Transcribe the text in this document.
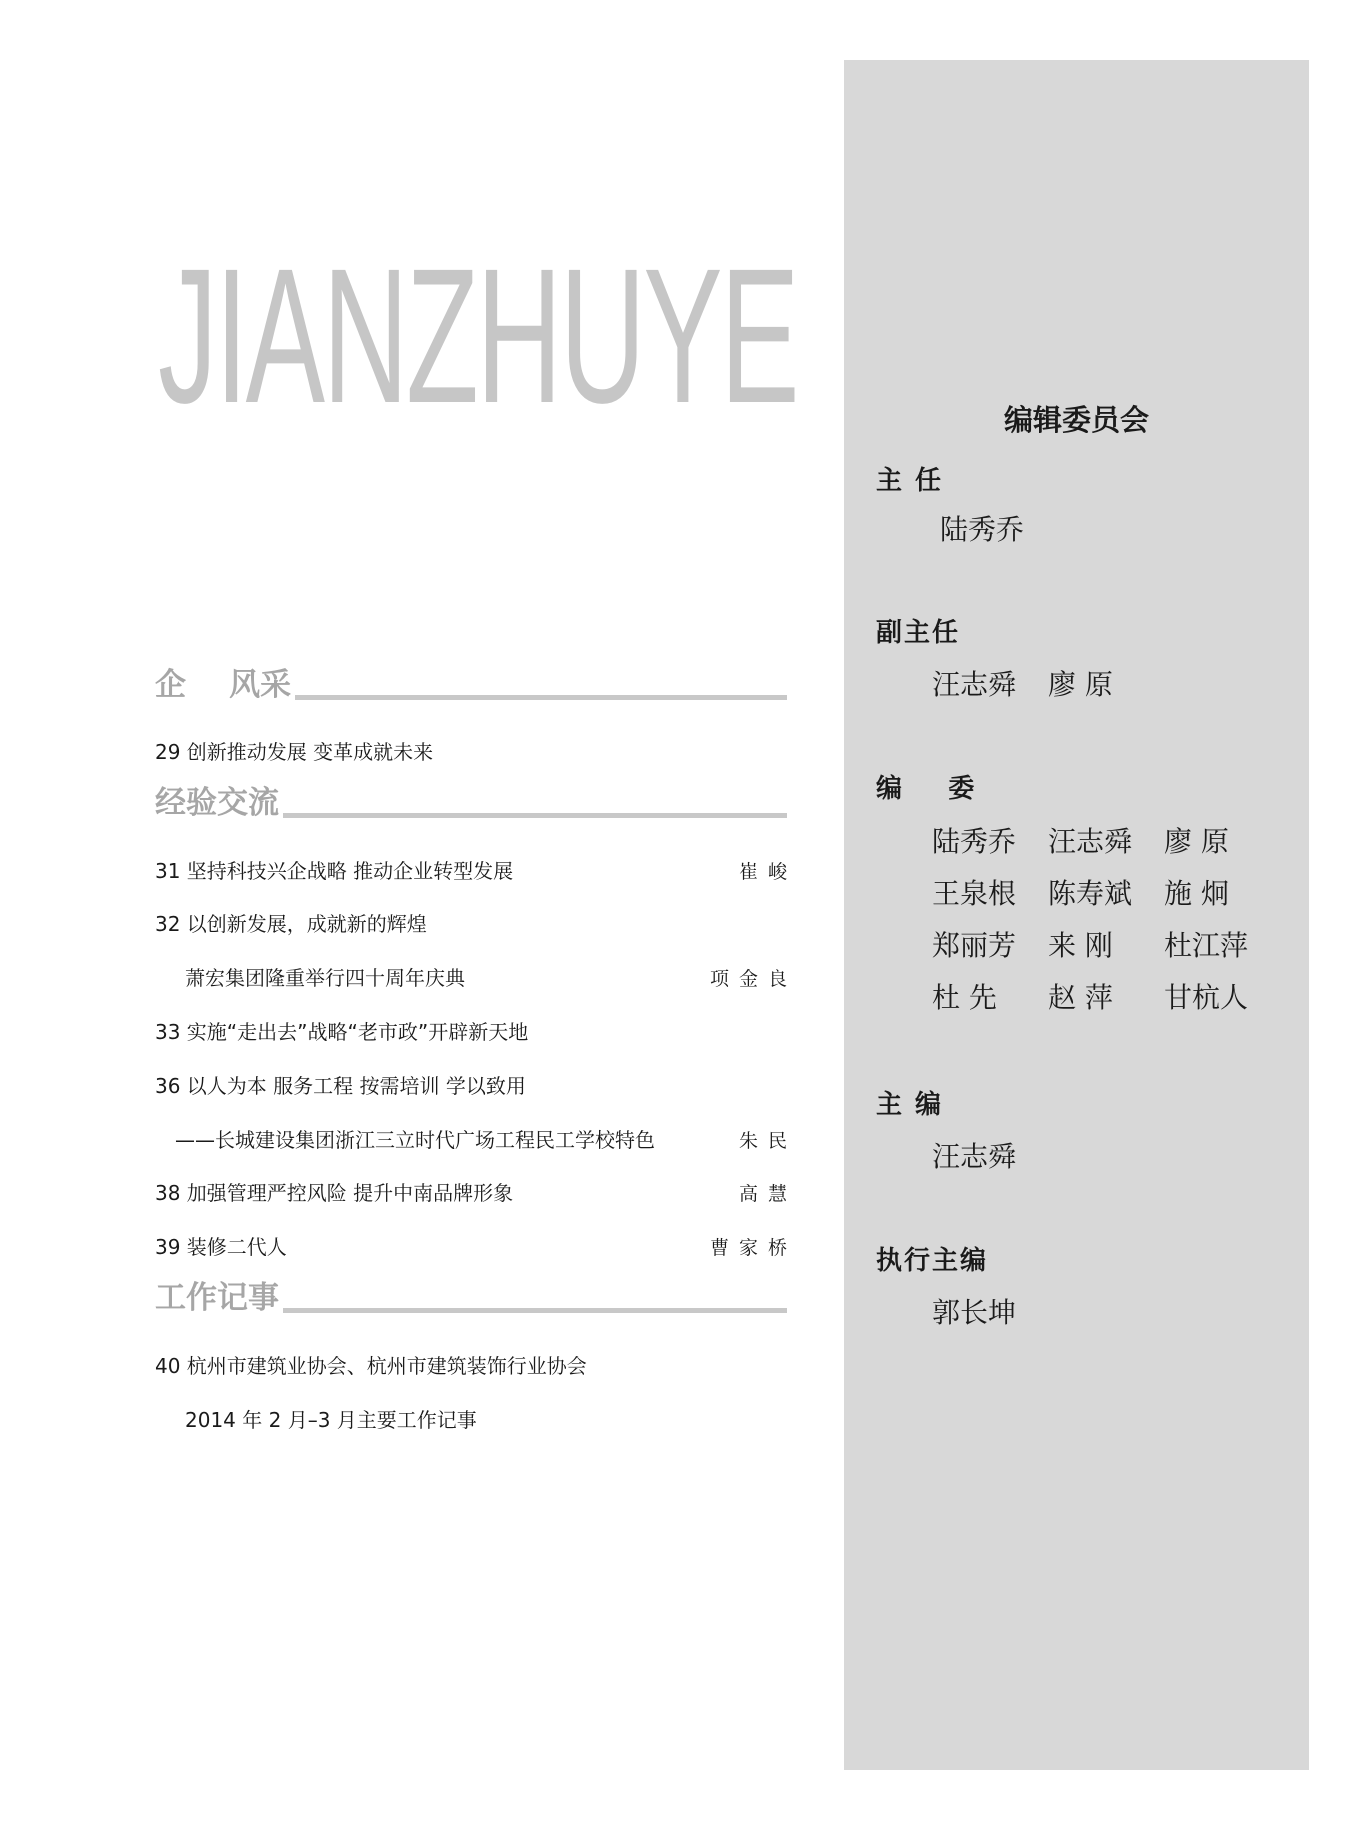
JIANZHUYE
企    风采
29 创新推动发展 变革成就未来
经验交流
31 坚持科技兴企战略 推动企业转型发展	崔峻
32 以创新发展，成就新的辉煌
萧宏集团隆重举行四十周年庆典	项金良
33 实施“走出去”战略“老市政”开辟新天地
36 以人为本 服务工程 按需培训 学以致用
——长城建设集团浙江三立时代广场工程民工学校特色	朱民
38 加强管理严控风险 提升中南品牌形象	高慧
39 装修二代人	曹家桥
工作记事
40 杭州市建筑业协会、杭州市建筑装饰行业协会
2014 年 2 月–3 月主要工作记事
编辑委员会
主 任
陆秀乔
副主任
汪志舜 廖 原
编    委
陆秀乔 汪志舜 廖 原
王泉根 陈寿斌 施 炯
郑丽芳 来 刚 杜江萍
杜 先 赵 萍 甘杭人
主 编
汪志舜
执行主编
郭长坤
